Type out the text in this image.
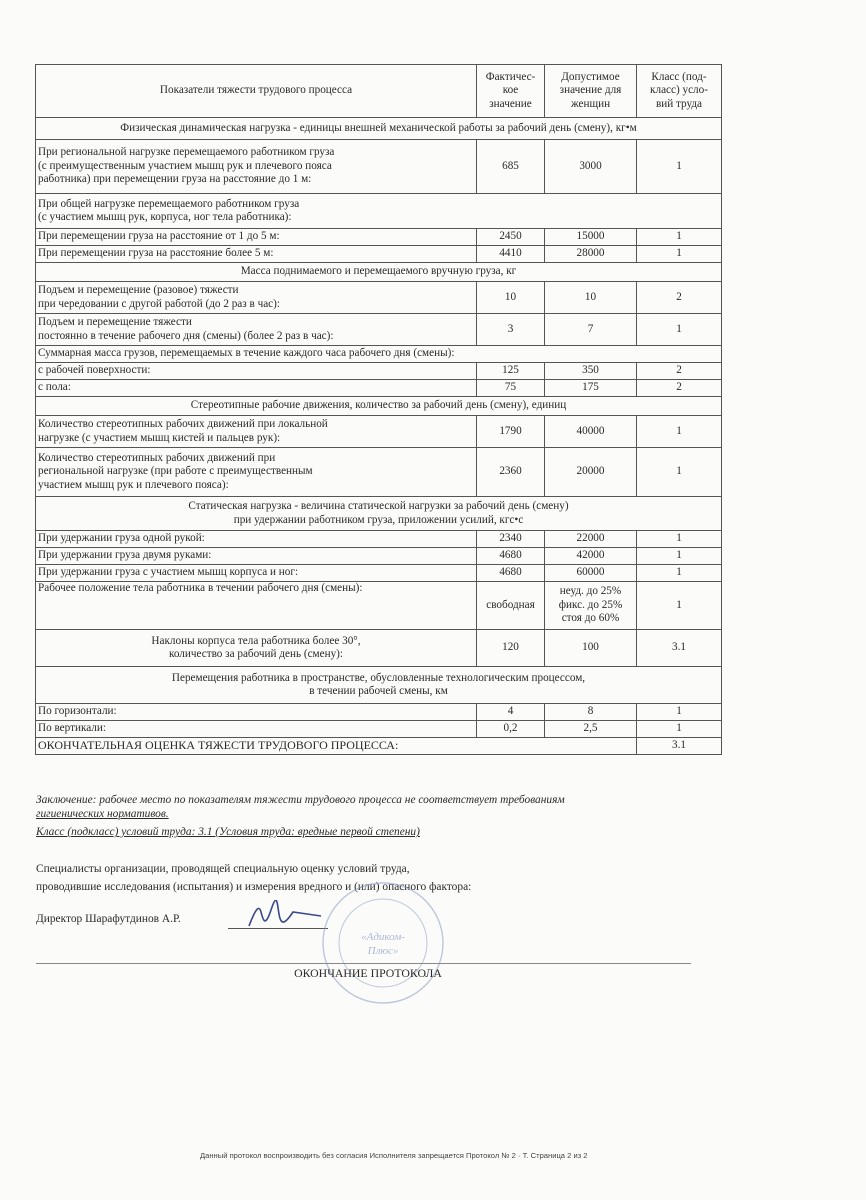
Показатели тяжести трудового процесса	Фактичес-
кое
значение	Допустимое
значение для
женщин	Класс (под-
класс) усло-
вий труда
Физическая динамическая нагрузка - единицы внешней механической работы за рабочий день (смену), кг•м			
При региональной нагрузке перемещаемого работником груза
(с преимущественным участием мышц рук и плечевого пояса
работника) при перемещении груза на расстояние до 1 м:	685	3000	1
При общей нагрузке перемещаемого работником груза
(с участием мышц рук, корпуса, ног тела работника):			
При перемещении груза на расстояние от 1 до 5 м:	2450	15000	1
При перемещении груза на расстояние более 5 м:	4410	28000	1
Масса поднимаемого и перемещаемого вручную груза, кг			
Подъем и перемещение (разовое) тяжести
при чередовании с другой работой (до 2 раз в час):	10	10	2
Подъем и перемещение тяжести
постоянно в течение рабочего дня (смены) (более 2 раз в час):	3	7	1
Суммарная масса грузов, перемещаемых в течение каждого часа рабочего дня (смены):			
с рабочей поверхности:	125	350	2
с пола:	75	175	2
Стереотипные рабочие движения, количество за рабочий день (смену), единиц			
Количество стереотипных рабочих движений при локальной
нагрузке (с участием мышц кистей и пальцев рук):	1790	40000	1
Количество стереотипных рабочих движений при
региональной нагрузке (при работе с преимущественным
участием мышц рук и плечевого пояса):	2360	20000	1
Статическая нагрузка - величина статической нагрузки за рабочий день (смену)
при удержании работником груза, приложении усилий, кгс•с			
При удержании груза одной рукой:	2340	22000	1
При удержании груза двумя руками:	4680	42000	1
При удержании груза с участием мышц корпуса и ног:	4680	60000	1
Рабочее положение тела работника в течении рабочего дня (смены):	свободная	неуд. до 25%
фикс. до 25%
стоя до 60%	1
Наклоны корпуса тела работника более 30°,
количество за рабочий день (смену):	120	100	3.1
Перемещения работника в пространстве, обусловленные технологическим процессом,
в течении рабочей смены, км			
По горизонтали:	4	8	1
По вертикали:	0,2	2,5	1
ОКОНЧАТЕЛЬНАЯ ОЦЕНКА ТЯЖЕСТИ ТРУДОВОГО ПРОЦЕССА:			3.1
Заключение: рабочее место по показателям тяжести трудового процесса не соответствует требованиям
гигиенических нормативов.
Класс (подкласс) условий труда: 3.1 (Условия труда: вредные первой степени)
Специалисты организации, проводящей специальную оценку условий труда,
проводившие исследования (испытания) и измерения вредного и (или) опасного фактора:
Директор Шарафутдинов А.Р.
«Адиком-
Плюс»
ОКОНЧАНИЕ ПРОТОКОЛА
Данный протокол воспроизводить без согласия Исполнителя запрещается Протокол № 2 · Т. Страница 2 из 2
